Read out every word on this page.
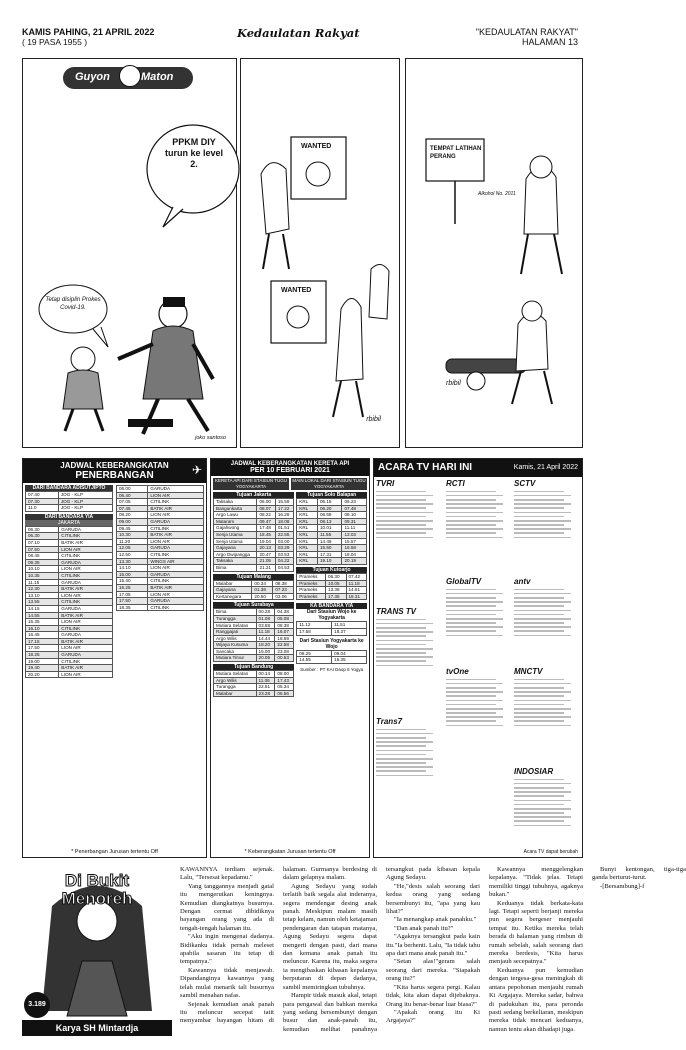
KAMIS PAHING, 21 APRIL 2022
( 19 PASA 1955 )
Kedaulatan Rakyat	"KEDAULATAN RAKYAT"
HALAMAN 13
Guyon	Maton
PPKM DIY turun ke level 2.
Tetap disiplin Prokes Covid-19.
joko santoso
WANTED
WANTED
rbibil
TEMPAT LATIHAN PERANG
Alkohol No. 2011
rbibil
JADWAL KEBERANGKATAN
PENERBANGAN	✈
DARI BANDARA ADISUTJIPTO
07.40	JOG - KLP
07.30	JOG - KLP
11.0	JOG - KLP
DARI BANDARA YIA
JAKARTA
06.30	GARUDA
06.30	CITILINK
07.10	BATIK AIR
07.50	LION AIR
08.45	CITILINK
09.35	GARUDA
10.10	LION AIR
10.35	CITILINK
11.15	GARUDA
12.30	BATIK AIR
13.10	LION AIR
13.55	CITILINK
14.15	GARUDA
14.55	BATIK AIR
15.35	LION AIR
16.10	CITILINK
16.45	GARUDA
17.15	BATIK AIR
17.50	LION AIR
18.25	GARUDA
19.00	CITILINK
19.40	BATIK AIR
20.20	LION AIR
06.00	GARUDA
06.40	LION AIR
07.05	CITILINK
07.45	BATIK AIR
08.20	LION AIR
09.00	GARUDA
09.45	CITILINK
10.30	BATIK AIR
11.20	LION AIR
12.05	GARUDA
12.50	CITILINK
13.30	WINGS AIR
14.10	LION AIR
15.00	GARUDA
15.40	CITILINK
16.25	BATIK AIR
17.05	LION AIR
17.50	GARUDA
18.35	CITILINK
* Penerbangan Jurusan tertentu Off
JADWAL KEBERANGKATAN KERETA API
PER 10 FEBRUARI 2021
KERETA API DARI STASIUN TUGU YOGYAKARTA
MAIN LOKAL DARI STASIUN TUGU YOGYAKARTA
Tujuan Jakarta
Taksaka	06.00	15.59
Bangunkarta	08.07	17.22
Argo Lawu	08.22	16.28
Mataram	09.47	18.08
Gajahwong	17.48	01.51
Senja Utama	18.45	22.55
Senja Utama	19.04	03.00
Gajayana	20.13	03.29
Argo Dwipangga	20.47	03.53
Taksaka	21.05	04.22
Bima	21.21	04.53
Tujuan Malang
Malabar	00.34	08.38
Gajayana	01.38	07.23
Kertanegara	20.50	03.06
Tujuan Surabaya
Bima	00.28	04.38
Turangga	01.08	05.08
Mutiara Selatan	03.58	08.38
Ranggajati	11.18	16.07
Argo Wilis	14.44	18.59
Wijaya Kusuma	18.20	22.58
Sancaka	15.00	23.08
Mutiara Timur	20.05	00.53
Tujuan Bandung
Mutiara Selatan	00.14	08.00
Argo Wilis	11.06	17.43
Turangga	22.51	05.34
Malabar	23.28	06.56
Tujuan Solo Balapan
KRL	05.15	06.23
KRL	06.20	07.48
KRL	06.59	08.10
KRL	08.13	09.31
KRL	10.01	11.11
KRL	11.55	13.03
KRL	14.49	15.57
KRL	15.50	16.58
KRL	17.31	18.04
KRL	19.10	20.19
Tujuan Kutoarjo
Prameks	06.30	07.42
Prameks	10.05	11.18
Prameks	13.38	14.51
Prameks	17.35	18.31
KA BANDARA YIA
Dari Stasiun Wojo ke Yogyakarta
11.12	11.51
17.58	18.37
Dari Stasiun Yogyakarta ke Wojo
08.25	09.04
14.55	15.35
Sumber : PT KAI Daop 6 Yogya
* Keberangkatan Jurusan tertentu Off
ACARA TV HARI INI	Kamis, 21 April 2022
TVRI	RCTI
GlobalTV
SCTV
antv
TRANS TV
tvOne	MNCTV
Trans7
INDOSIAR
Acara TV dapat berubah
Di Bukit Menoreh
3.189
Karya SH Mintardja

KAWANNYA terdiam sejenak. Lalu, "Tersesat kepadamu."

Yang tanggannya menjadi gatal itu mengerutkan keningnya. Kemudian diangkatnya busurnya. Dengan cermat dibidiknya bayangan orang yang ada di tengah-tengah halaman itu.

"Aku ingin mengenai dadanya. Bidikanku tidak pernah meleset apabila sasaran itu tetap di tempatnya."

Kawannya tidak menjawab. Dipandanginya kawannya yang telah mulai menarik tali busurnya sambil menahan nafas.

Sejenak kemudian anak panah itu meluncur secepat tatit menyambar bayangan hitam di halaman. Gurmanya berdesing di dalam gelapnya malam.

Agung Sedayu yang sudah terlatih baik segala alat inderanya, segera mendengar desing anak panah. Meskipun malam masih tetap kelam, namun oleh ketajaman pendengaran dan tatapan matanya, Agung Sedayu segera dapat mengerti dengan pasti, dari mana dan kemana anak panah itu meluncur. Karena itu, maka segera ia mengibaskan kibasan kepalanya berputaran di depan dadanya, sambil memiringkan tubuhnya.

Hampir tidak masuk akal, tetapi para pengawal dan bahkan mereka yang sedang bersembunyi dengan busur dan anak-panah itu, kemudian melihat panahnya tersangkut pada kibasan kepala Agung Sedayu.

"He,"desis salah seorang dari kedua orang yang sedang bersembunyi itu, "apa yang kau lihat?"

"Ia menangkap anak panahku."

"Dan anak panah itu?"

"Agaknya tersangkut pada kain itu."Ia berhenti. Lalu, "Ia tidak tahu apa dari mana anak panah itu."

"Setan alas!"geram salah seorang dari mereka. "Siapakah orang itu?"

"Kita harus segera pergi. Kalau tidak, kita akan dapat dijebaknya. Orang itu benar-benar luar biasa?"

"Apakah orang itu Ki Argajaya?"

Kawannya menggelengkan kepalanya. "Tidak jelas. Tetapi memiliki tinggi tubuhnya, agaknya bukan."

Keduanya tidak berkata-kata lagi. Tetapi seperti berjanji mereka pun segera bergeser menjauhi tempat itu. Ketika mereka telah berada di halaman yang rimbun di rumah sebelah, salah seorang dari mereka berdesis, "Kita harus menjauh secepatnya."

Keduanya pun kemudian dengan tergesa-gesa meningkah di antara pepohonan menjauhi rumah Ki Argajaya. Mereka sadar, bahwa di padukuhan itu, para peronda pasti sedang berkeliaran, meskipun mereka tidak mencari keduanya, namun tentu akan dihadapi juga.

Bunyi kentongan, tiga-tiga ganda berturut-turut.

-[Bersambung]-f
